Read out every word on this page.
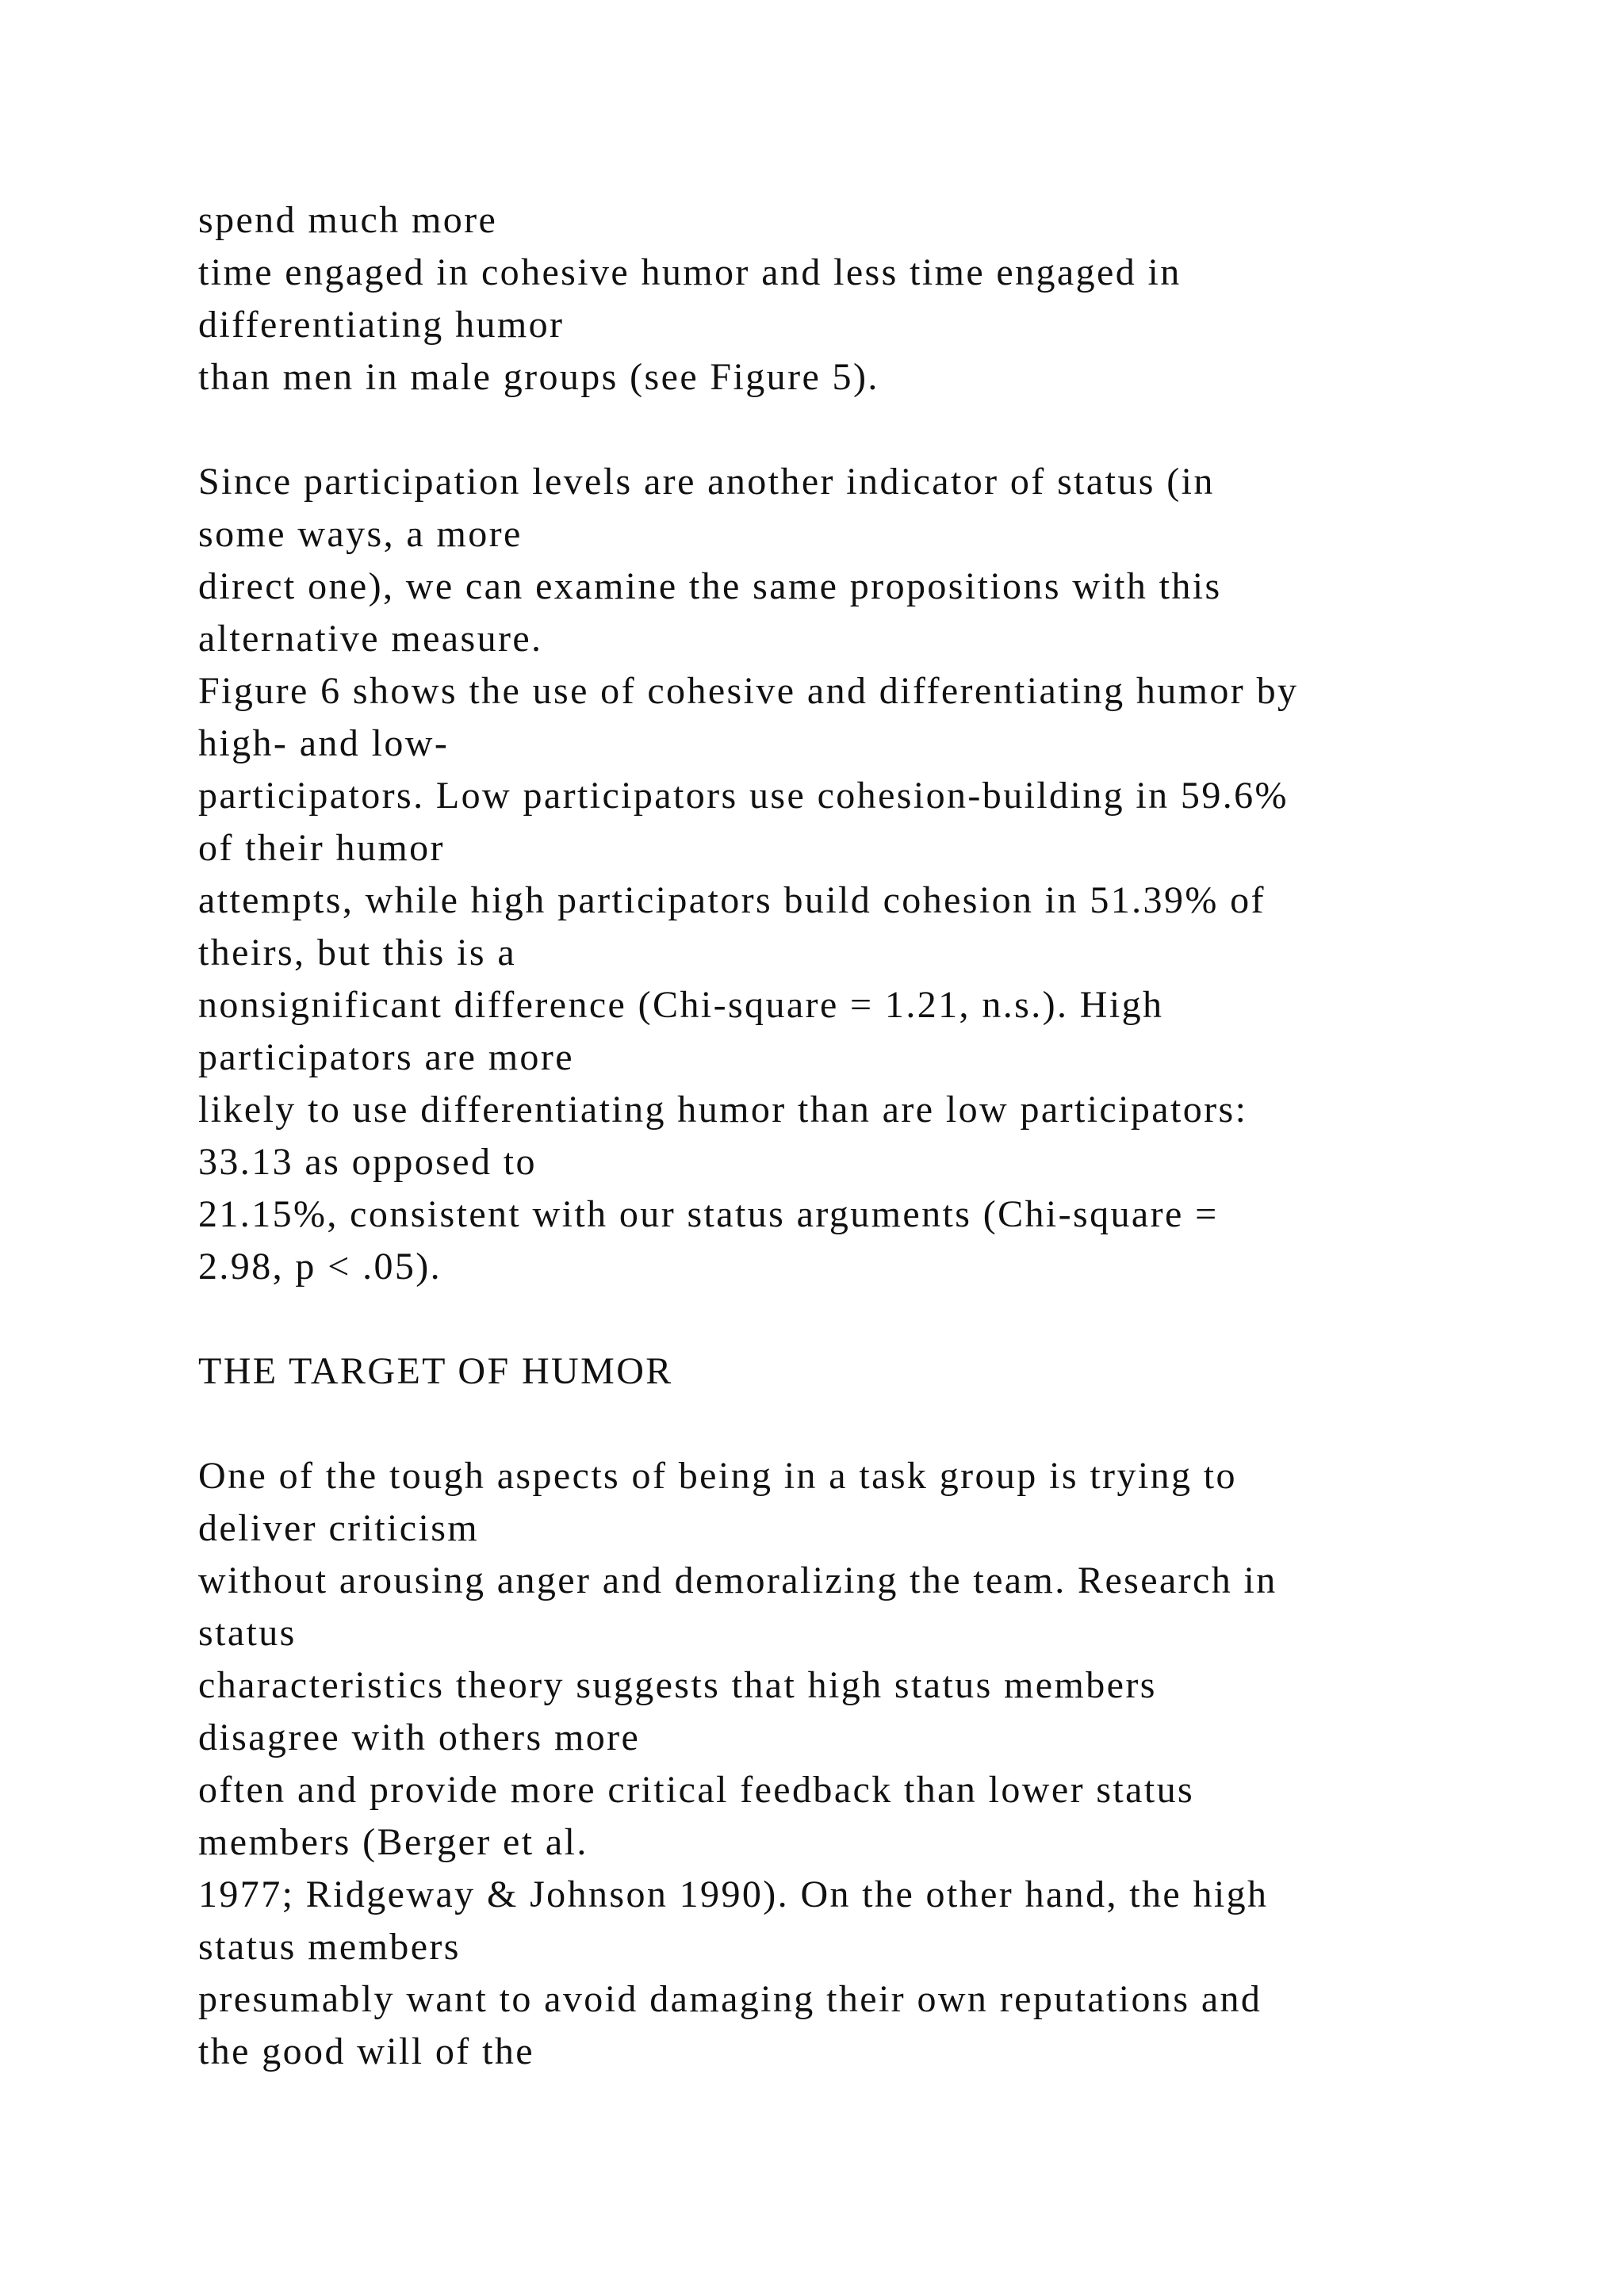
spend much more
time engaged in cohesive humor and less time engaged in
differentiating humor
than men in male groups (see Figure 5).
Since participation levels are another indicator of status (in
some ways, a more
direct one), we can examine the same propositions with this
alternative measure.
Figure 6 shows the use of cohesive and differentiating humor by
high- and low-
participators. Low participators use cohesion-building in 59.6%
of their humor
attempts, while high participators build cohesion in 51.39% of
theirs, but this is a
nonsignificant difference (Chi-square = 1.21, n.s.). High
participators are more
likely to use differentiating humor than are low participators:
33.13 as opposed to
21.15%, consistent with our status arguments (Chi-square =
2.98, p < .05).
THE TARGET OF HUMOR
One of the tough aspects of being in a task group is trying to
deliver criticism
without arousing anger and demoralizing the team. Research in
status
characteristics theory suggests that high status members
disagree with others more
often and provide more critical feedback than lower status
members (Berger et al.
1977; Ridgeway & Johnson 1990). On the other hand, the high
status members
presumably want to avoid damaging their own reputations and
the good will of the
